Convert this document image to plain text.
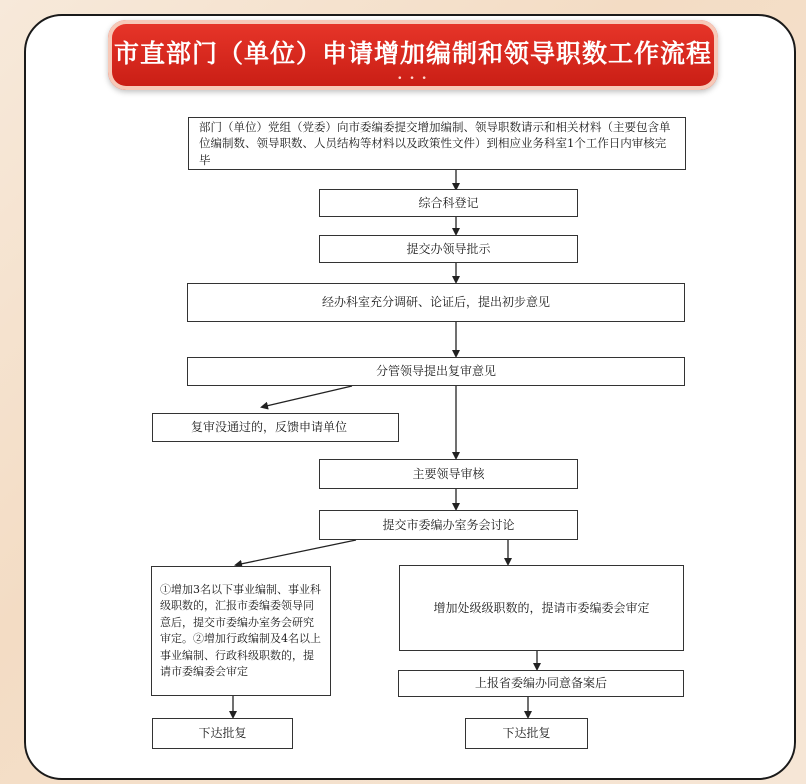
市直部门（单位）申请增加编制和领导职数工作流程
• • •
部门（单位）党组（党委）向市委编委提交增加编制、领导职数请示和相关材料（主要包含单位编制数、领导职数、人员结构等材料以及政策性文件）到相应业务科室1个工作日内审核完毕
综合科登记
提交办领导批示
经办科室充分调研、论证后，提出初步意见
分管领导提出复审意见
复审没通过的，反馈申请单位
主要领导审核
提交市委编办室务会讨论
①增加3名以下事业编制、事业科级职数的，汇报市委编委领导同意后，提交市委编办室务会研究审定。②增加行政编制及4名以上事业编制、行政科级职数的，提请市委编委会审定
增加处级级职数的，提请市委编委会审定
上报省委编办同意备案后
下达批复	下达批复
